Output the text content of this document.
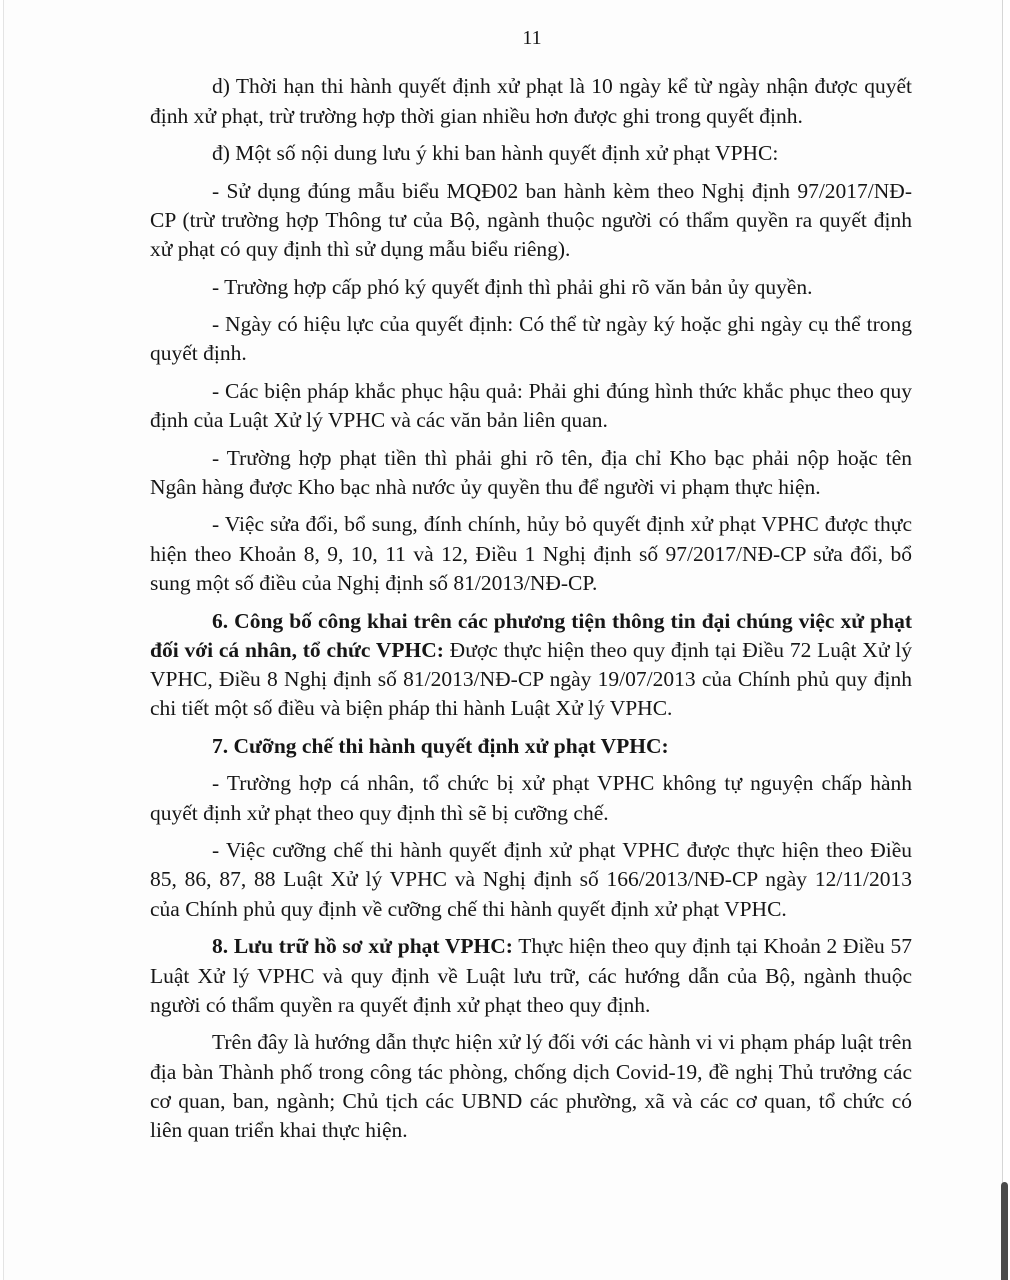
11

d) Thời hạn thi hành quyết định xử phạt là 10 ngày kể từ ngày nhận được quyết định xử phạt, trừ trường hợp thời gian nhiều hơn được ghi trong quyết định.

đ) Một số nội dung lưu ý khi ban hành quyết định xử phạt VPHC:

- Sử dụng đúng mẫu biểu MQĐ02 ban hành kèm theo Nghị định 97/2017/NĐ-CP (trừ trường hợp Thông tư của Bộ, ngành thuộc người có thẩm quyền ra quyết định xử phạt có quy định thì sử dụng mẫu biểu riêng).

- Trường hợp cấp phó ký quyết định thì phải ghi rõ văn bản ủy quyền.

- Ngày có hiệu lực của quyết định: Có thể từ ngày ký hoặc ghi ngày cụ thể trong quyết định.

- Các biện pháp khắc phục hậu quả: Phải ghi đúng hình thức khắc phục theo quy định của Luật Xử lý VPHC và các văn bản liên quan.

- Trường hợp phạt tiền thì phải ghi rõ tên, địa chỉ Kho bạc phải nộp hoặc tên Ngân hàng được Kho bạc nhà nước ủy quyền thu để người vi phạm thực hiện.

- Việc sửa đổi, bổ sung, đính chính, hủy bỏ quyết định xử phạt VPHC được thực hiện theo Khoản 8, 9, 10, 11 và 12, Điều 1 Nghị định số 97/2017/NĐ-CP sửa đổi, bổ sung một số điều của Nghị định số 81/2013/NĐ-CP.

6. Công bố công khai trên các phương tiện thông tin đại chúng việc xử phạt đối với cá nhân, tổ chức VPHC: Được thực hiện theo quy định tại Điều 72 Luật Xử lý VPHC, Điều 8 Nghị định số 81/2013/NĐ-CP ngày 19/07/2013 của Chính phủ quy định chi tiết một số điều và biện pháp thi hành Luật Xử lý VPHC.

7. Cưỡng chế thi hành quyết định xử phạt VPHC:

- Trường hợp cá nhân, tổ chức bị xử phạt VPHC không tự nguyện chấp hành quyết định xử phạt theo quy định thì sẽ bị cưỡng chế.

- Việc cưỡng chế thi hành quyết định xử phạt VPHC được thực hiện theo Điều 85, 86, 87, 88 Luật Xử lý VPHC và Nghị định số 166/2013/NĐ-CP ngày 12/11/2013 của Chính phủ quy định về cưỡng chế thi hành quyết định xử phạt VPHC.

8. Lưu trữ hồ sơ xử phạt VPHC: Thực hiện theo quy định tại Khoản 2 Điều 57 Luật Xử lý VPHC và quy định về Luật lưu trữ, các hướng dẫn của Bộ, ngành thuộc người có thẩm quyền ra quyết định xử phạt theo quy định.

Trên đây là hướng dẫn thực hiện xử lý đối với các hành vi vi phạm pháp luật trên địa bàn Thành phố trong công tác phòng, chống dịch Covid-19, đề nghị Thủ trưởng các cơ quan, ban, ngành; Chủ tịch các UBND các phường, xã và các cơ quan, tổ chức có liên quan triển khai thực hiện.
